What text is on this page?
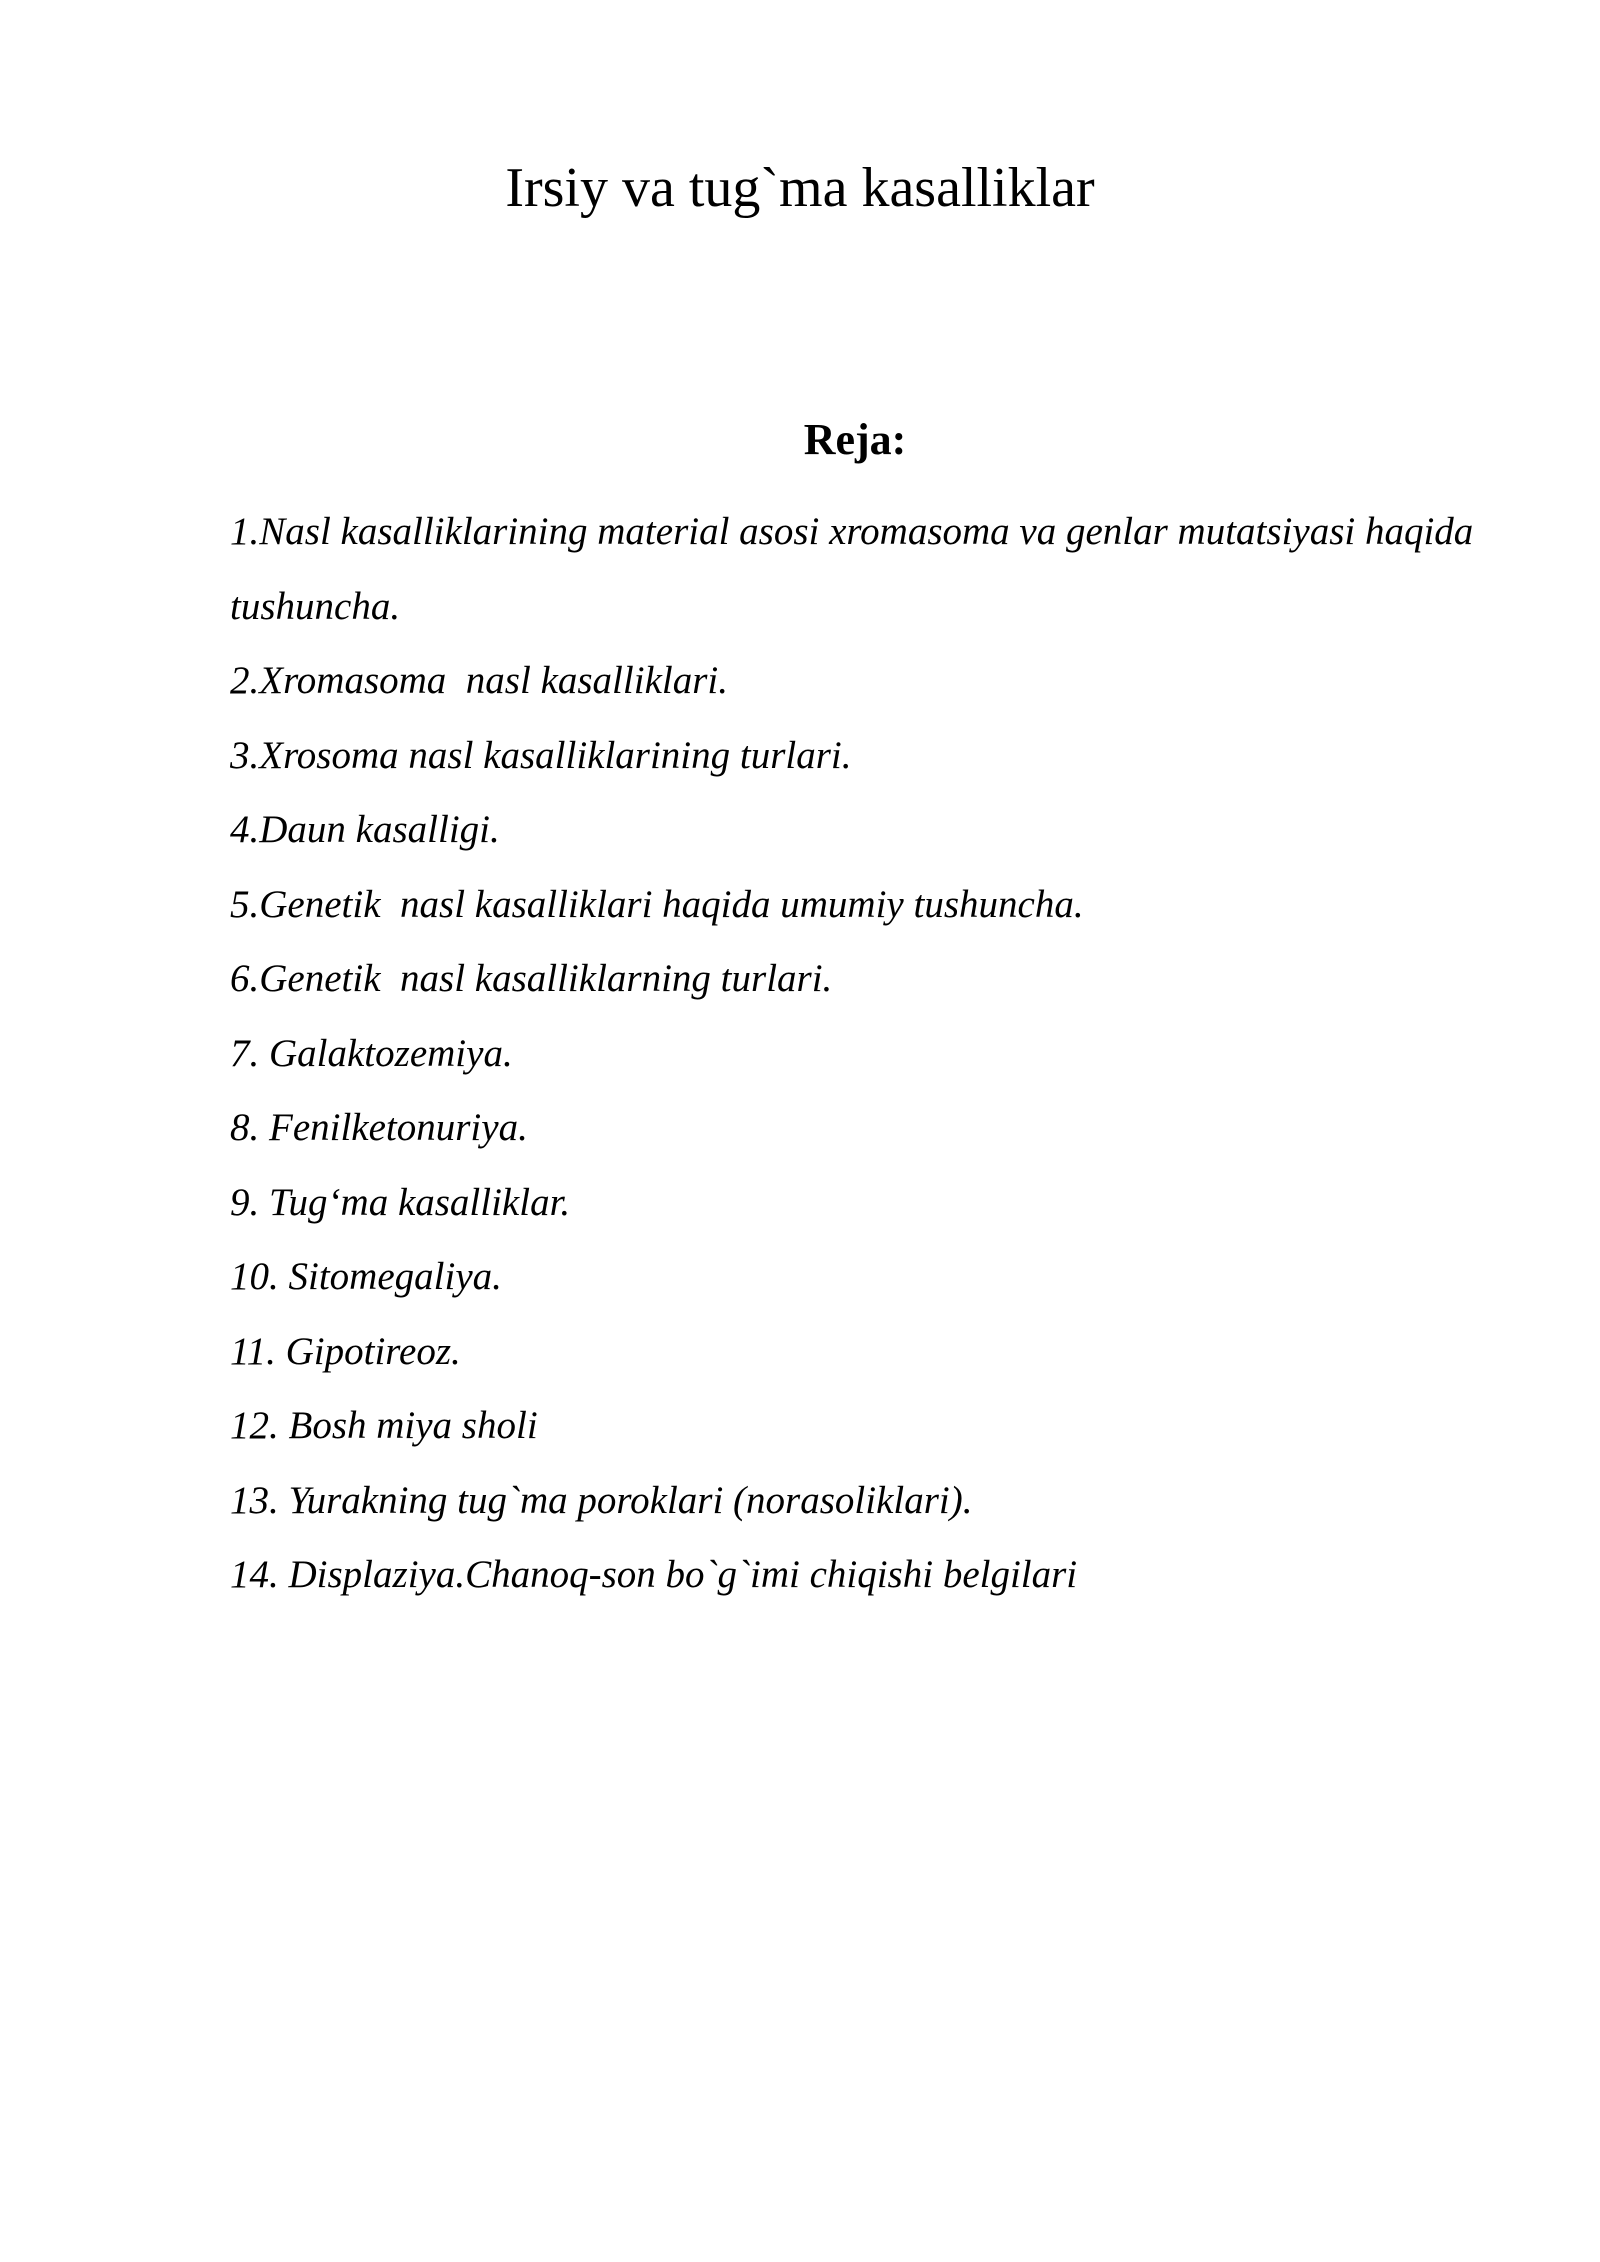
Irsiy va tug`ma kasalliklar
Reja:
1.Nasl kasalliklarining material asosi xromasoma va genlar mutatsiyasi haqida tushuncha.
2.Xromasoma  nasl kasalliklari.
3.Xrosoma nasl kasalliklarining turlari.
4.Daun kasalligi.
5.Genetik  nasl kasalliklari haqida umumiy tushuncha.
6.Genetik  nasl kasalliklarning turlari.
7. Galaktozemiya.
8. Fenilketonuriya.
9. Tug‘ma kasalliklar.
10. Sitomegaliya.
11. Gipotireoz.
12. Bosh miya sholi
13. Yurakning tug`ma poroklari (norasoliklari).
14. Displaziya.Chanoq-son bo`g`imi chiqishi belgilari
